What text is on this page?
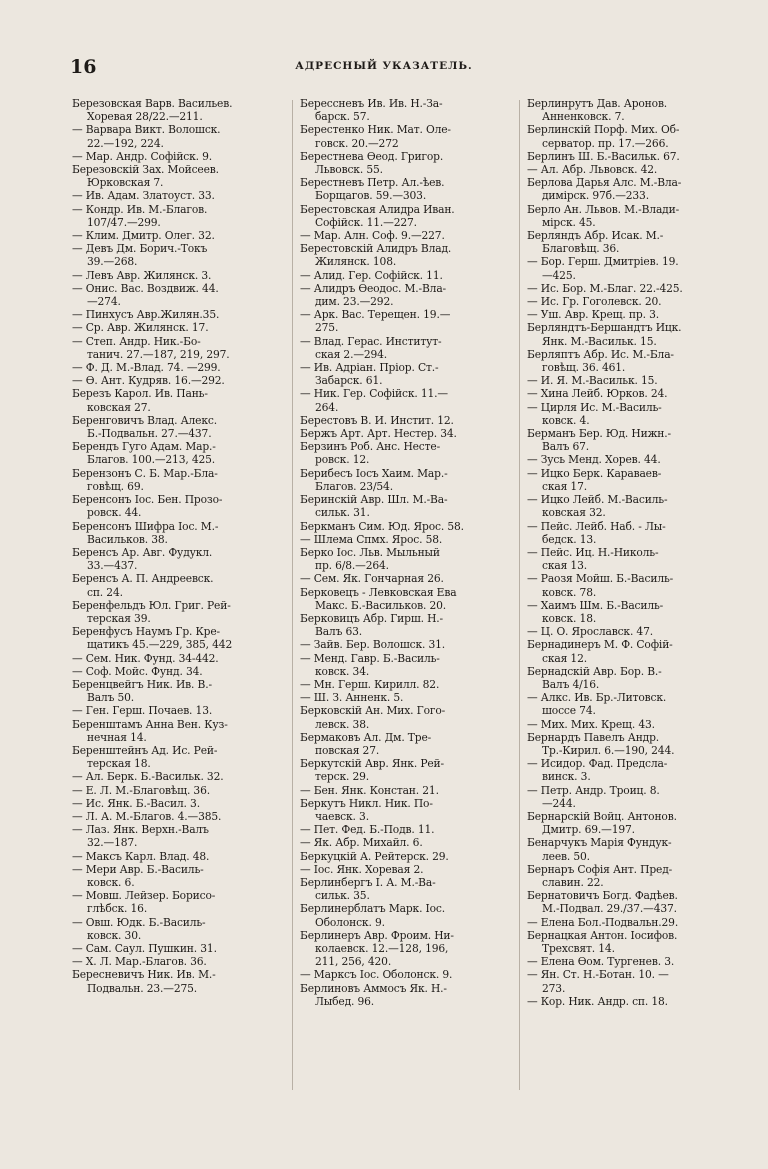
16	АДРЕСНЫЙ УКАЗАТЕЛЬ.
Березовская Варв. Васильев.
Хоревая 28/22.—211.
— Варвара Викт. Волошск.
22.—192, 224.
— Мар. Андр. Софійск. 9.
Березовскій Зах. Мойсеев.
Юрковская 7.
— Ив. Адам. Златоуст. 33.
— Кондр. Ив. М.-Благов.
107/47.—299.
— Клим. Дмитр. Олег. 32.
— Девъ Дм. Борич.-Токъ
39.—268.
— Левъ Авр. Жилянск. 3.
— Онис. Вас. Воздвиж. 44.
—274.
— Пинхусъ Авр.Жилян.35.
— Ср. Авр. Жилянск. 17.
— Степ. Андр. Ник.-Бо-
танич. 27.—187, 219, 297.
— Ф. Д. М.-Влад. 74. —299.
— Ѳ. Ант. Кудряв. 16.—292.
Березъ Карол. Ив. Пань-
ковская 27.
Беренговичъ Влад. Алекс.
Б.-Подвальн. 27.—437.
Берендъ Гуго Адам. Мар.-
Благов. 100.—213, 425.
Берензонъ С. Б. Мар.-Бла-
говѣщ. 69.
Беренсонъ Іос. Бен. Прозо-
ровск. 44.
Беренсонъ Шифра Іос. М.-
Васильков. 38.
Беренсъ Ар. Авг. Фудукл.
33.—437.
Беренсъ А. П. Андреевск.
сп. 24.
Беренфельдъ Юл. Григ. Рей-
терская 39.
Беренфусъ Наумъ Гр. Кре-
щатикъ 45.—229, 385, 442
— Сем. Ник. Фунд. 34-442.
— Соф. Мойс. Фунд. 34.
Беренцвейгъ Ник. Ив. В.-
Валъ 50.
— Ген. Герш. Почаев. 13.
Беренштамъ Анна Вен. Куз-
нечная 14.
Беренштейнъ Ад. Ис. Рей-
терская 18.
— Ал. Берк. Б.-Васильк. 32.
— Е. Л. М.-Благовѣщ. 36.
— Ис. Янк. Б.-Васил. 3.
— Л. А. М.-Благов. 4.—385.
— Лаз. Янк. Верхн.-Валъ
32.—187.
— Максъ Карл. Влад. 48.
— Мери Авр. Б.-Василь-
ковск. 6.
— Мовш. Лейзер. Борисо-
глѣбск. 16.
— Овш. Юдк. Б.-Василь-
ковск. 30.
— Сам. Саул. Пушкин. 31.
— Х. Л. Мар.-Благов. 36.
Бересневичъ Ник. Ив. М.-
Подвальн. 23.—275.
Берессневъ Ив. Ив. Н.-За-
барск. 57.
Берестенко Ник. Мат. Оле-
говск. 20.—272
Берестнева Ѳеод. Григор.
Львовск. 55.
Берестневъ Петр. Ал.-ѣев.
Борщагов. 59.—303.
Берестовская Алидра Иван.
Софійск. 11.—227.
— Мар. Алн. Соф. 9.—227.
Берестовскій Алидръ Влад.
Жилянск. 108.
— Алид. Гер. Софійск. 11.
— Алидръ Ѳеодос. М.-Вла-
дим. 23.—292.
— Арк. Вас. Терещен. 19.—
275.
— Влад. Герас. Институт-
ская 2.—294.
— Ив. Адріан. Пріор. Ст.-
Забарск. 61.
— Ник. Гер. Софійск. 11.—
264.
Берестовъ В. И. Инстит. 12.
Бержъ Арт. Арт. Нестер. 34.
Берзинъ Роб. Анс. Несте-
ровск. 12.
Берибесъ Іосъ Хаим. Мар.-
Благов. 23/54.
Беринскій Авр. Шл. М.-Ва-
сильк. 31.
Беркманъ Сим. Юд. Ярос. 58.
— Шлема Спмх. Ярос. 58.
Берко Іос. Льв. Мыльный
пр. 6/8.—264.
— Сем. Як. Гончарная 26.
Берковецъ - Левковская Ева
Макс. Б.-Васильков. 20.
Берковицъ Абр. Гирш. Н.-
Валъ 63.
— Зайв. Бер. Волошск. 31.
— Менд. Гавр. Б.-Василь-
ковск. 34.
— Мн. Герш. Кирилл. 82.
— Ш. З. Анненк. 5.
Берковскій Ан. Мих. Гого-
левск. 38.
Бермаковъ Ал. Дм. Тре-
повская 27.
Беркутскій Авр. Янк. Рей-
терск. 29.
— Бен. Янк. Констан. 21.
Беркутъ Никл. Ник. По-
чаевск. 3.
— Пет. Фед. Б.-Подв. 11.
— Як. Абр. Михайл. 6.
Беркуцкій А. Рейтерск. 29.
— Іос. Янк. Хоревая 2.
Берлинбергъ І. А. М.-Ва-
сильк. 35.
Берлинерблатъ Марк. Іос.
Оболонск. 9.
Берлинеръ Авр. Фроим. Ни-
колаевск. 12.—128, 196,
211, 256, 420.
— Марксъ Іос. Оболонск. 9.
Берлиновъ Аммосъ Як. Н.-
Лыбед. 96.
Берлинрутъ Дав. Аронов.
Анненковск. 7.
Берлинскій Порф. Мих. Об-
серватор. пр. 17.—266.
Берлинъ Ш. Б.-Васильк. 67.
— Ал. Абр. Львовск. 42.
Берлова Дарья Алс. М.-Вла-
димірск. 97б.—233.
Берло Ан. Львов. М.-Влади-
мірск. 45.
Берляндъ Абр. Исак. М.-
Благовѣщ. 36.
— Бор. Герш. Дмитріев. 19.
—425.
— Ис. Бор. М.-Благ. 22.-425.
— Ис. Гр. Гоголевск. 20.
— Уш. Авр. Крещ. пр. 3.
Берляндтъ-Бершандтъ Ицк.
Янк. М.-Васильк. 15.
Берляптъ Абр. Ис. М.-Бла-
говѣщ. 36. 461.
— И. Я. М.-Васильк. 15.
— Хина Лейб. Юрков. 24.
— Цирля Ис. М.-Василь-
ковск. 4.
Берманъ Бер. Юд. Нижн.-
Валъ 67.
— Зусь Менд. Хорев. 44.
— Ицко Берк. Караваев-
ская 17.
— Ицко Лейб. М.-Василь-
ковская 32.
— Пейс. Лейб. Наб. - Лы-
бедск. 13.
— Пейс. Иц. Н.-Николь-
ская 13.
— Раозя Мойш. Б.-Василь-
ковск. 78.
— Хаимъ Шм. Б.-Василь-
ковск. 18.
— Ц. О. Ярославск. 47.
Бернадинеръ М. Ф. Софій-
ская 12.
Бернадскій Авр. Бор. В.-
Валъ 4/16.
— Алкс. Ив. Бр.-Литовск.
шоссе 74.
— Мих. Мих. Крещ. 43.
Бернардъ Павелъ Андр.
Тр.-Кирил. 6.—190, 244.
— Исидор. Фад. Предсла-
винск. 3.
— Петр. Андр. Троиц. 8.
—244.
Бернарскій Войц. Антонов.
Дмитр. 69.—197.
Бенарчукъ Марія Фундук-
леев. 50.
Бернаръ Софія Ант. Пред-
славин. 22.
Бернатовичъ Богд. Фадѣев.
М.-Подвал. 29./37.—437.
— Елена Бол.-Подвальн.29.
Бернацкая Антон. Іосифов.
Трехсвят. 14.
— Елена Ѳом. Тургенев. 3.
— Ян. Ст. Н.-Ботан. 10. —
273.
— Кор. Ник. Андр. сп. 18.
